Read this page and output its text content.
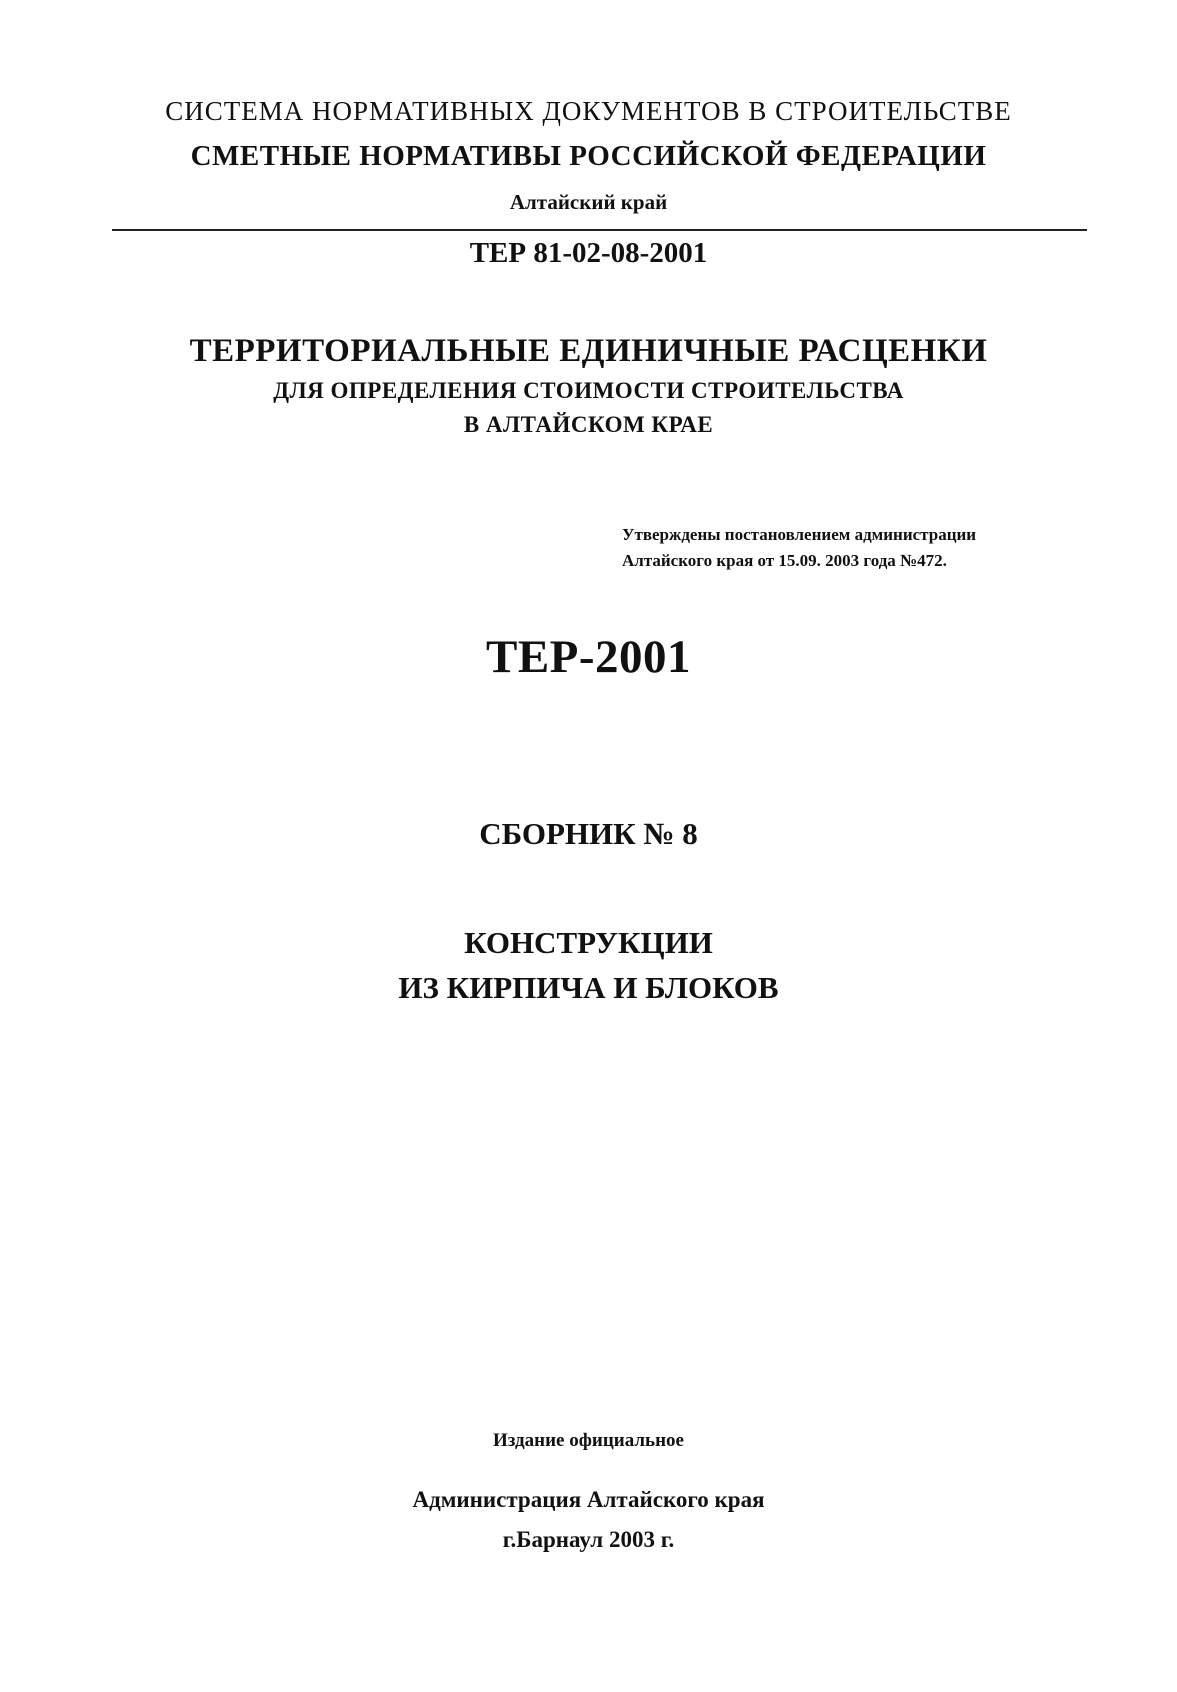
СИСТЕМА НОРМАТИВНЫХ ДОКУМЕНТОВ В СТРОИТЕЛЬСТВЕ
СМЕТНЫЕ НОРМАТИВЫ РОССИЙСКОЙ ФЕДЕРАЦИИ
Алтайский край
ТЕР 81-02-08-2001
ТЕРРИТОРИАЛЬНЫЕ ЕДИНИЧНЫЕ РАСЦЕНКИ
ДЛЯ ОПРЕДЕЛЕНИЯ СТОИМОСТИ СТРОИТЕЛЬСТВА
В АЛТАЙСКОМ КРАЕ
Утверждены постановлением администрации
Алтайского края от 15.09. 2003 года №472.
ТЕР-2001
СБОРНИК № 8
КОНСТРУКЦИИ
ИЗ КИРПИЧА И БЛОКОВ
Издание официальное
Администрация Алтайского края
г.Барнаул 2003 г.
